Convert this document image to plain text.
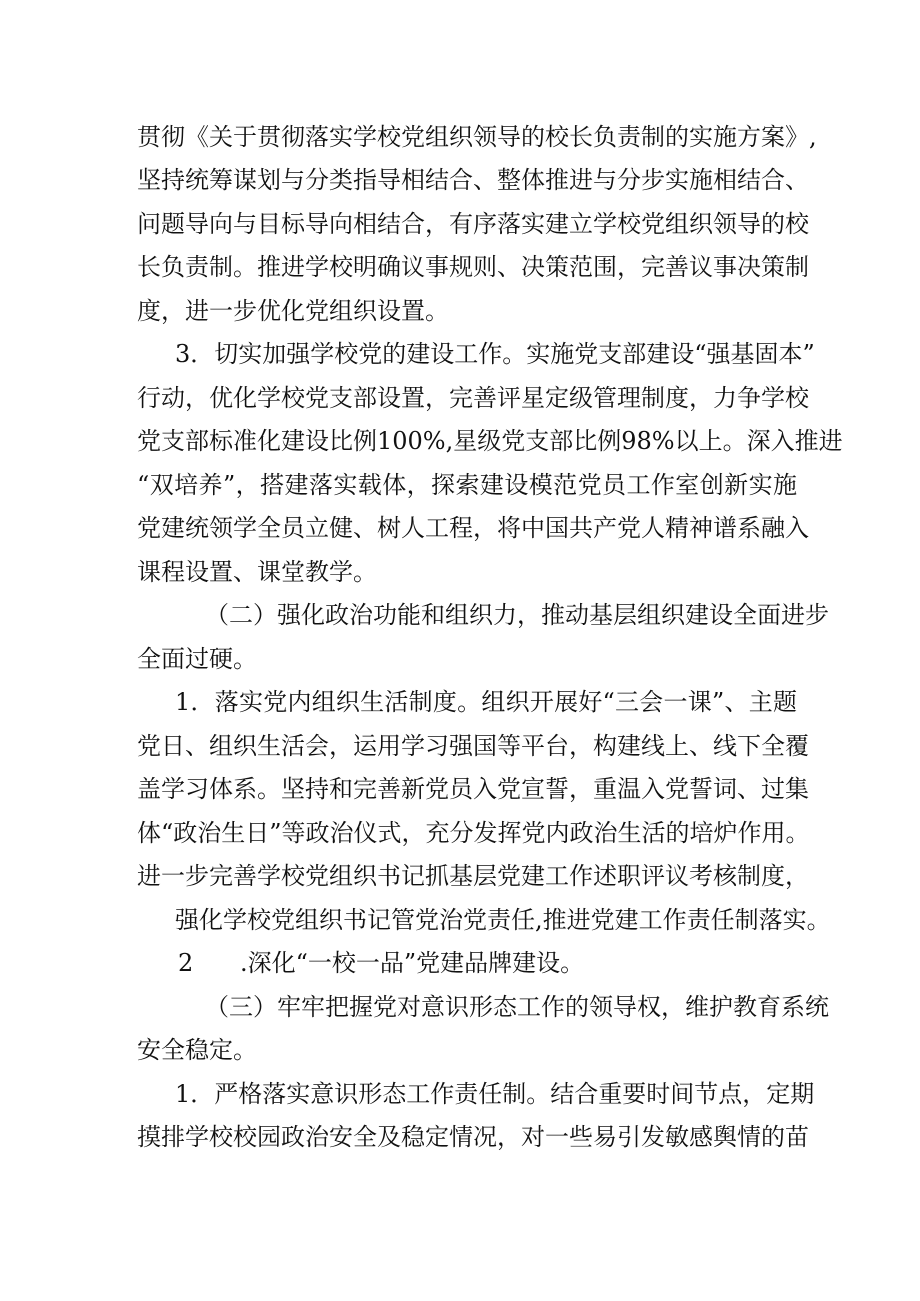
贯彻《关于贯彻落实学校党组织领导的校长负责制的实施方案》,
坚持统筹谋划与分类指导相结合、整体推进与分步实施相结合、
问题导向与目标导向相结合，有序落实建立学校党组织领导的校
长负责制。推进学校明确议事规则、决策范围，完善议事决策制
度，进一步优化党组织设置。
3．切实加强学校党的建设工作。实施党支部建设“强基固本”
行动，优化学校党支部设置，完善评星定级管理制度，力争学校
党支部标准化建设比例100%,星级党支部比例98%以上。深入推进
“双培养”，搭建落实载体，探索建设模范党员工作室创新实施
党建统领学全员立健、树人工程，将中国共产党人精神谱系融入
课程设置、课堂教学。
（二）强化政治功能和组织力，推动基层组织建设全面进步
全面过硬。
1．落实党内组织生活制度。组织开展好“三会一课”、主题
党日、组织生活会，运用学习强国等平台，构建线上、线下全覆
盖学习体系。坚持和完善新党员入党宣誓，重温入党誓词、过集
体“政治生日”等政治仪式，充分发挥党内政治生活的培炉作用。
进一步完善学校党组织书记抓基层党建工作述职评议考核制度，
强化学校党组织书记管党治党责任,推进党建工作责任制落实。
2	.深化“一校一品”党建品牌建设。
（三）牢牢把握党对意识形态工作的领导权，维护教育系统
安全稳定。
1．严格落实意识形态工作责任制。结合重要时间节点，定期
摸排学校校园政治安全及稳定情况，对一些易引发敏感舆情的苗
